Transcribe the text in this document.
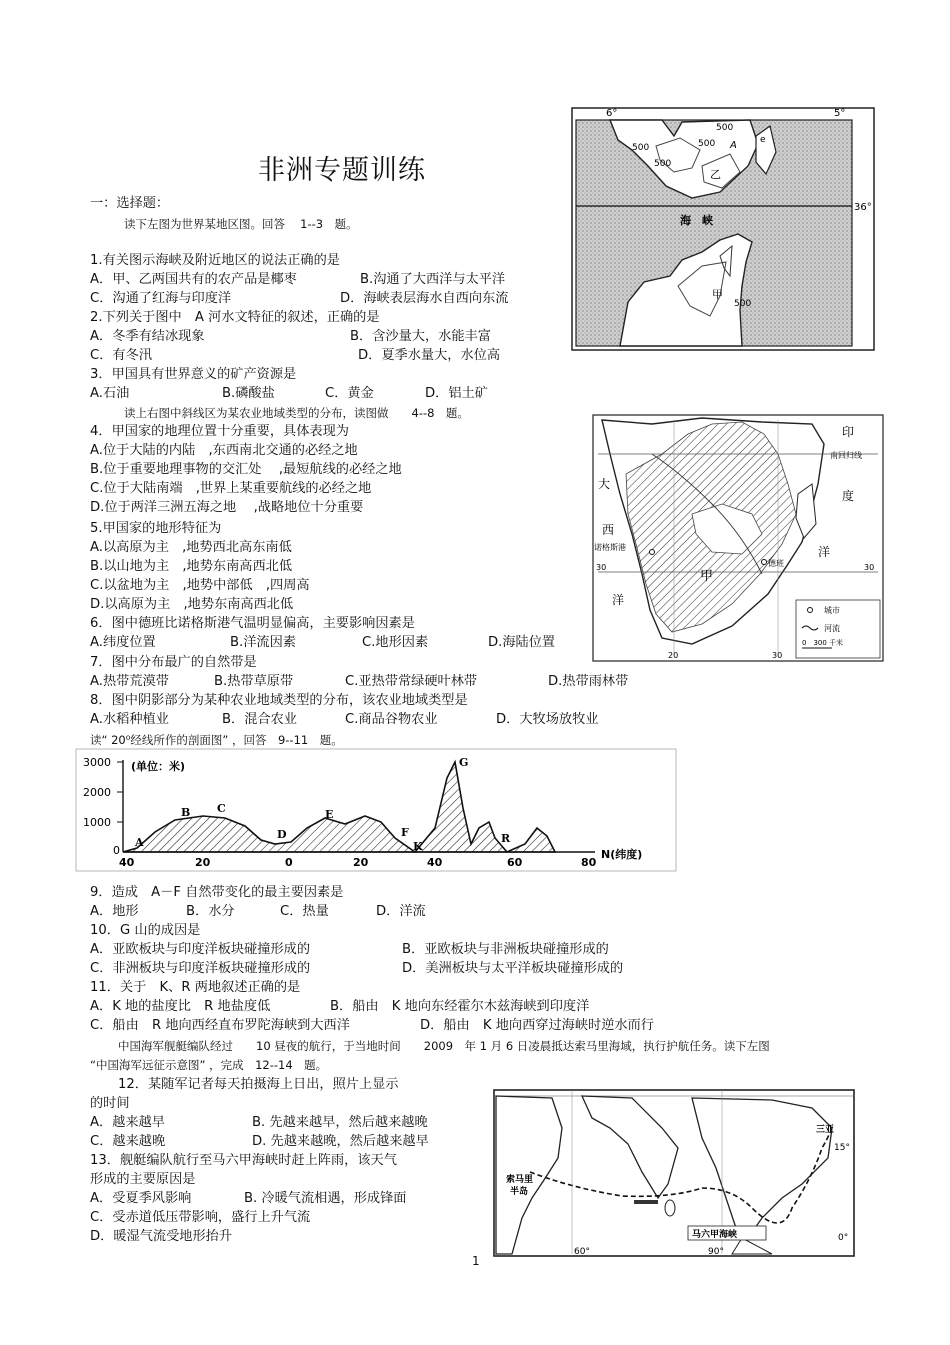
非洲专题训练
一：选择题：
读下左图为世界某地区图。回答　 1--3　题。
1.有关图示海峡及附近地区的说法正确的是
A．甲、乙两国共有的农产品是椰枣	B.沟通了大西洋与太平洋
C．沟通了红海与印度洋	D．海峡表层海水自西向东流
2.下列关于图中　A 河水文特征的叙述，正确的是
A．冬季有结冰现象	B．含沙量大，水能丰富
C．有冬汛	D．夏季水量大，水位高
3．甲国具有世界意义的矿产资源是
A.石油	B.磷酸盐	C．黄金	D．铝土矿
读上右图中斜线区为某农业地域类型的分布，读图做　　4--8　题。
4．甲国家的地理位置十分重要，具体表现为
A.位于大陆的内陆　,东西南北交通的必经之地
B.位于重要地理事物的交汇处　 ,最短航线的必经之地
C.位于大陆南端　,世界上某重要航线的必经之地
D.位于两洋三洲五海之地　 ,战略地位十分重要
5.甲国家的地形特征为
A.以高原为主　,地势西北高东南低
B.以山地为主　,地势东南高西北低
C.以盆地为主　,地势中部低　,四周高
D.以高原为主　,地势东南高西北低
6．图中德班比诺格斯港气温明显偏高，主要影响因素是
A.纬度位置	B.洋流因素	C.地形因素	D.海陆位置
7．图中分布最广的自然带是
A.热带荒漠带	B.热带草原带	C.亚热带常绿硬叶林带	D.热带雨林带
8．图中阴影部分为某种农业地域类型的分布，该农业地域类型是
A.水稻种植业	B．混合农业	C.商品谷物农业	D．大牧场放牧业
读“ 20⁰经线所作的剖面图” ，回答　9--11　题。
9．造成　A－F 自然带变化的最主要因素是
A．地形	B．水分	C．热量	D．洋流
10．G 山的成因是
A．亚欧板块与印度洋板块碰撞形成的	B．亚欧板块与非洲板块碰撞形成的
C．非洲板块与印度洋板块碰撞形成的	D．美洲板块与太平洋板块碰撞形成的
11．关于　K、R 两地叙述正确的是
A．K 地的盐度比　R 地盐度低	B．船由　K 地向东经霍尔木兹海峡到印度洋
C．船由　R 地向西经直布罗陀海峡到大西洋	D．船由　K 地向西穿过海峡时逆水而行
中国海军舰艇编队经过　　10 昼夜的航行，于当地时间　　2009　年 1 月 6 日凌晨抵达索马里海域，执行护航任务。读下左图
“中国海军远征示意图” ，完成　12--14　题。
12．某随军记者每天拍摄海上日出，照片上显示
的时间
A．越来越早	B. 先越来越早，然后越来越晚
C．越来越晚	D. 先越来越晚，然后越来越早
13．舰艇编队航行至马六甲海峡时赶上阵雨，该天气
形成的主要原因是
A．受夏季风影响	B. 冷暖气流相遇，形成锋面
C．受赤道低压带影响，盛行上升气流
D．暖湿气流受地形抬升
1
6°	5°
36°
海　峡
500
500	500
500
500
A
乙
甲
e
印
南回归线
度
大
西
诺格斯港
德班
洋
洋
甲
30	30
20	30
城市
河流
0　300 千米
(单位：米)
3000
2000
1000
0
40	20	0	20	40	60	80
N(纬度)
A
B C
D
E
F
K
G
R
三亚
15°
索马里
半岛
60°	90°
马六甲海峡	0°
